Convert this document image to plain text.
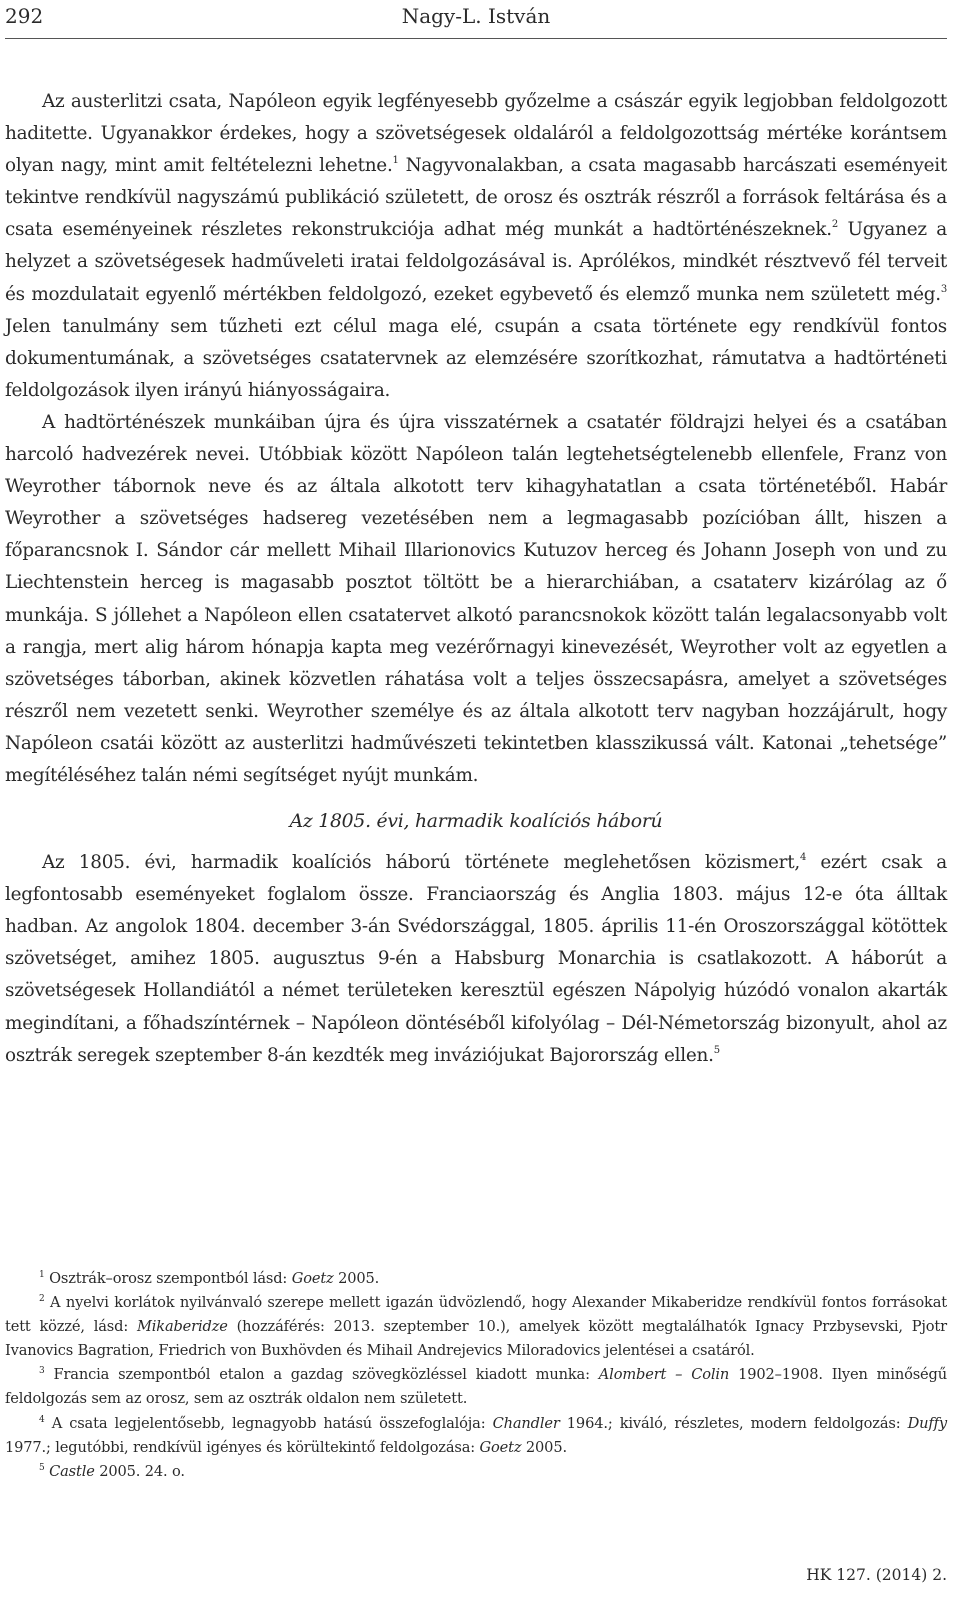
292	Nagy-L. István

Az austerlitzi csata, Napóleon egyik legfényesebb győzelme a császár egyik legjobban feldolgozott haditette. Ugyanakkor érdekes, hogy a szövetségesek oldaláról a feldolgozottság mértéke korántsem olyan nagy, mint amit feltételezni lehetne.$^1$ Nagyvonalakban, a csata magasabb harcászati eseményeit tekintve rendkívül nagyszámú publikáció született, de orosz és osztrák részről a források feltárása és a csata eseményeinek részletes rekonstrukciója adhat még munkát a hadtörténészeknek.$^2$ Ugyanez a helyzet a szövetségesek hadműveleti iratai feldolgozásával is. Aprólékos, mindkét résztvevő fél terveit és mozdulatait egyenlő mértékben feldolgozó, ezeket egybevető és elemző munka nem született még.$^3$ Jelen tanulmány sem tűzheti ezt célul maga elé, csupán a csata története egy rendkívül fontos dokumentumának, a szövetséges csatatervnek az elemzésére szorítkozhat, rámutatva a hadtörténeti feldolgozások ilyen irányú hiányosságaira.

A hadtörténészek munkáiban újra és újra visszatérnek a csatatér földrajzi helyei és a csatában harcoló hadvezérek nevei. Utóbbiak között Napóleon talán legtehetségtelenebb ellenfele, Franz von Weyrother tábornok neve és az általa alkotott terv kihagyhatatlan a csata történetéből. Habár Weyrother a szövetséges hadsereg vezetésében nem a legmagasabb pozícióban állt, hiszen a főparancsnok I. Sándor cár mellett Mihail Illarionovics Kutuzov herceg és Johann Joseph von und zu Liechtenstein herceg is magasabb posztot töltött be a hierarchiában, a csataterv kizárólag az ő munkája. S jóllehet a Napóleon ellen csatatervet alkotó parancsnokok között talán legalacsonyabb volt a rangja, mert alig három hónapja kapta meg vezérőrnagyi kinevezését, Weyrother volt az egyetlen a szövetséges táborban, akinek közvetlen ráhatása volt a teljes összecsapásra, amelyet a szövetséges részről nem vezetett senki. Weyrother személye és az általa alkotott terv nagyban hozzájárult, hogy Napóleon csatái között az austerlitzi hadművészeti tekintetben klasszikussá vált. Katonai „tehetsége” megítéléséhez talán némi segítséget nyújt munkám.

Az 1805. évi, harmadik koalíciós háború

Az 1805. évi, harmadik koalíciós háború története meglehetősen közismert,$^4$ ezért csak a legfontosabb eseményeket foglalom össze. Franciaország és Anglia 1803. május 12-e óta álltak hadban. Az angolok 1804. december 3-án Svédországgal, 1805. április 11-én Oroszországgal kötöttek szövetséget, amihez 1805. augusztus 9-én a Habsburg Monarchia is csatlakozott. A háborút a szövetségesek Hollandiától a német területeken keresztül egészen Nápolyig húzódó vonalon akarták megindítani, a főhadszíntérnek – Napóleon döntéséből kifolyólag – Dél-Németország bizonyult, ahol az osztrák seregek szeptember 8-án kezdték meg inváziójukat Bajorország ellen.$^5$

$^1$ Osztrák–orosz szempontból lásd: Goetz 2005.

$^2$ A nyelvi korlátok nyilvánvaló szerepe mellett igazán üdvözlendő, hogy Alexander Mikaberidze rendkívül fontos forrásokat tett közzé, lásd: Mikaberidze (hozzáférés: 2013. szeptember 10.), amelyek között megtalálhatók Ignacy Przbysevski, Pjotr Ivanovics Bagration, Friedrich von Buxhövden és Mihail Andrejevics Miloradovics jelentései a csatáról.

$^3$ Francia szempontból etalon a gazdag szövegközléssel kiadott munka: Alombert – Colin 1902–1908. Ilyen minőségű feldolgozás sem az orosz, sem az osztrák oldalon nem született.

$^4$ A csata legjelentősebb, legnagyobb hatású összefoglalója: Chandler 1964.; kiváló, részletes, modern feldolgozás: Duffy 1977.; legutóbbi, rendkívül igényes és körültekintő feldolgozása: Goetz 2005.

$^5$ Castle 2005. 24. o.

HK 127. (2014) 2.
